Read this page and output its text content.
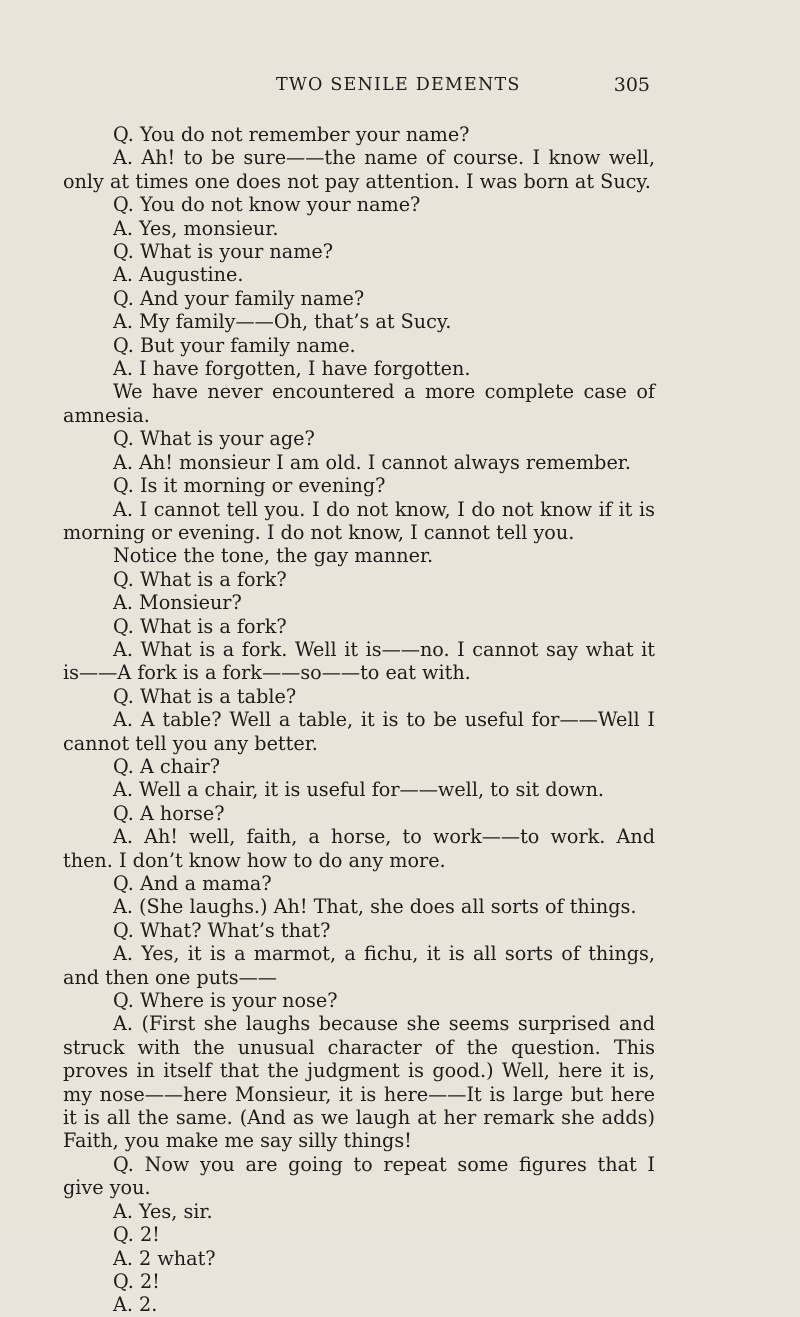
TWO SENILE DEMENTS	305

Q. You do not remember your name?

A. Ah! to be sure——the name of course. I know well, only at times one does not pay attention. I was born at Sucy.

Q. You do not know your name?

A. Yes, monsieur.

Q. What is your name?

A. Augustine.

Q. And your family name?

A. My family——Oh, that’s at Sucy.

Q. But your family name.

A. I have forgotten, I have forgotten.

We have never encountered a more complete case of amnesia.

Q. What is your age?

A. Ah! monsieur I am old. I cannot always remember.

Q. Is it morning or evening?

A. I cannot tell you. I do not know, I do not know if it is morning or evening. I do not know, I cannot tell you.

Notice the tone, the gay manner.

Q. What is a fork?

A. Monsieur?

Q. What is a fork?

A. What is a fork. Well it is——no. I cannot say what it is——A fork is a fork——so——to eat with.

Q. What is a table?

A. A table? Well a table, it is to be useful for——Well I cannot tell you any better.

Q. A chair?

A. Well a chair, it is useful for——well, to sit down.

Q. A horse?

A. Ah! well, faith, a horse, to work——to work. And then. I don’t know how to do any more.

Q. And a mama?

A. (She laughs.) Ah! That, she does all sorts of things.

Q. What? What’s that?

A. Yes, it is a marmot, a fichu, it is all sorts of things, and then one puts——

Q. Where is your nose?

A. (First she laughs because she seems surprised and struck with the unusual character of the question. This proves in itself that the judgment is good.) Well, here it is, my nose——here Monsieur, it is here——It is large but here it is all the same. (And as we laugh at her remark she adds) Faith, you make me say silly things!

Q. Now you are going to repeat some figures that I give you.

A. Yes, sir.

Q. 2!

A. 2 what?

Q. 2!

A. 2.
